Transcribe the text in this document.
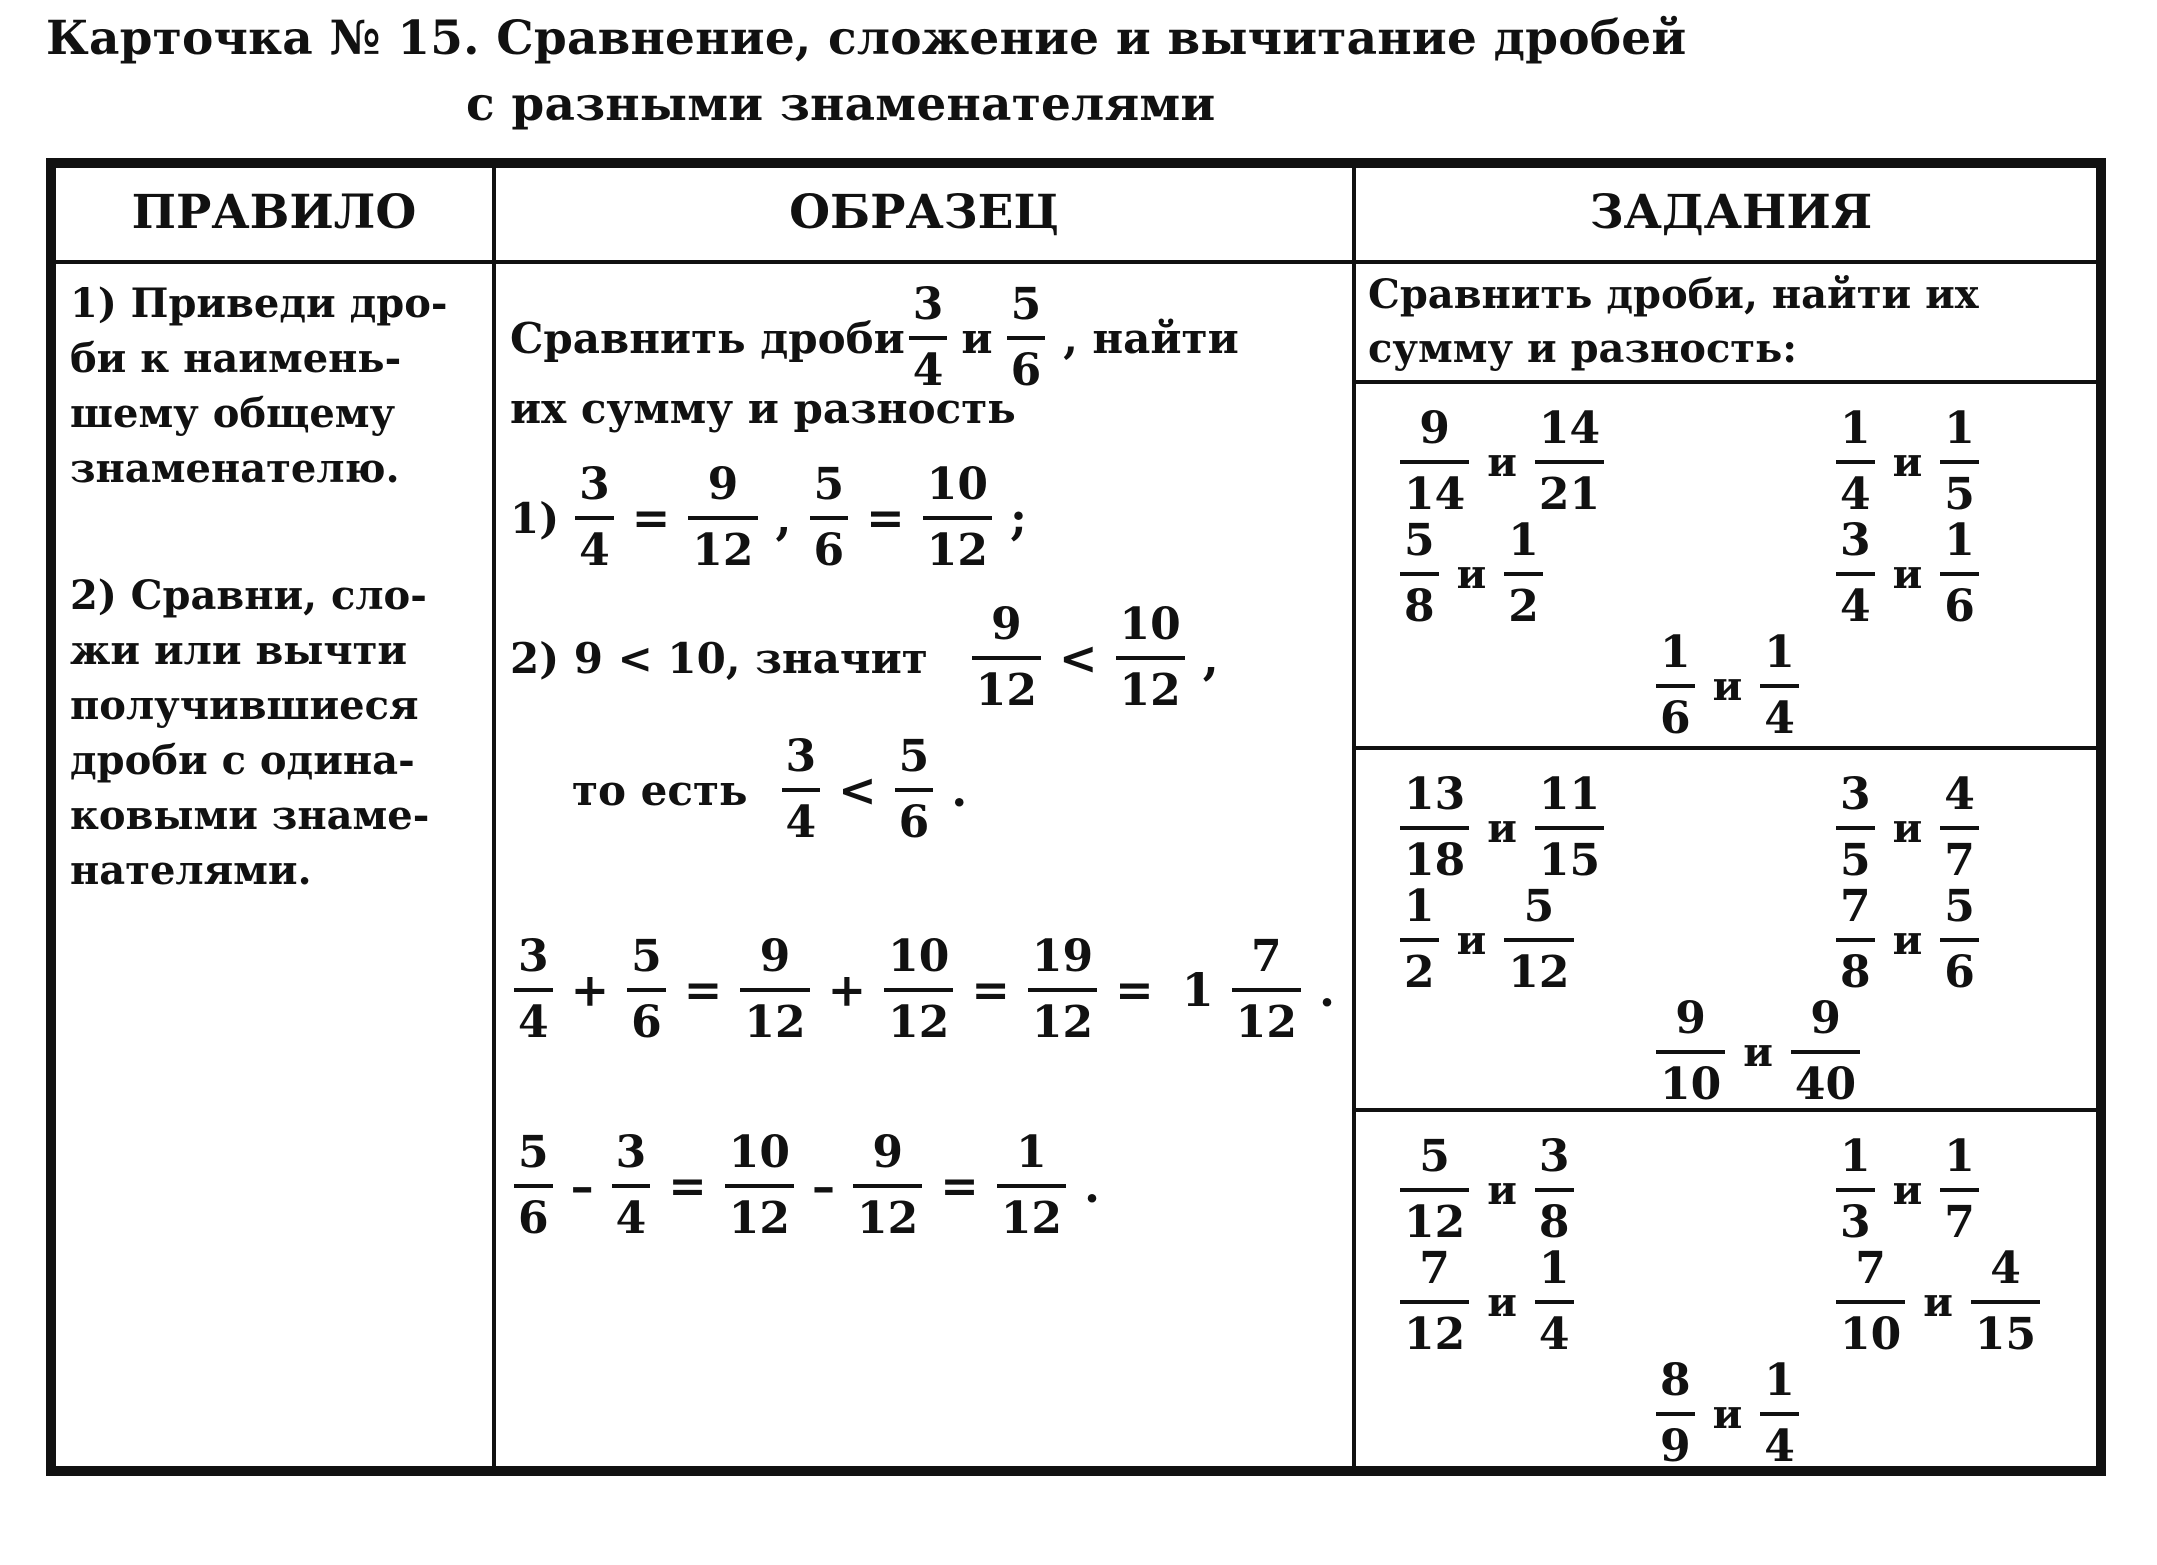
Карточка № 15. Сравнение, сложение и вычитание дробей
с разными знаменателями
ПРАВИЛО	ОБРАЗЕЦ	ЗАДАНИЯ
1) Приведи дро-
би к наимень-
шему общему
знаменателю.
2) Сравни, сло-
жи или вычти
получившиеся
дроби с одина-
ковыми знаме-
нателями.
Сравнить дроби $\frac{3}{4}$ и $\frac{5}{6}$ , найти
их сумму и разность
$1) \frac{3}{4} = \frac{9}{12}$ , $\frac{5}{6} = \frac{10}{12}$ ;
2) 9 < 10, значит $\frac{9}{12} < \frac{10}{12}$ ,
то есть $\frac{3}{4} < \frac{5}{6}$ .
$\frac{3}{4} + \frac{5}{6} = \frac{9}{12} + \frac{10}{12} = \frac{19}{12} = 1 \frac{7}{12}$ .
$\frac{5}{6} - \frac{3}{4} = \frac{10}{12} - \frac{9}{12} = \frac{1}{12}$ .
Сравнить дроби, найти их
сумму и разность:
$\frac{9}{14}$ и $\frac{14}{21}$	$\frac{1}{4}$ и $\frac{1}{5}$
$\frac{5}{8}$ и $\frac{1}{2}$	$\frac{3}{4}$ и $\frac{1}{6}$
$\frac{1}{6}$ и $\frac{1}{4}$
$\frac{13}{18}$ и $\frac{11}{15}$	$\frac{3}{5}$ и $\frac{4}{7}$
$\frac{1}{2}$ и $\frac{5}{12}$	$\frac{7}{8}$ и $\frac{5}{6}$
$\frac{9}{10}$ и $\frac{9}{40}$
$\frac{5}{12}$ и $\frac{3}{8}$	$\frac{1}{3}$ и $\frac{1}{7}$
$\frac{7}{12}$ и $\frac{1}{4}$	$\frac{7}{10}$ и $\frac{4}{15}$
$\frac{8}{9}$ и $\frac{1}{4}$
